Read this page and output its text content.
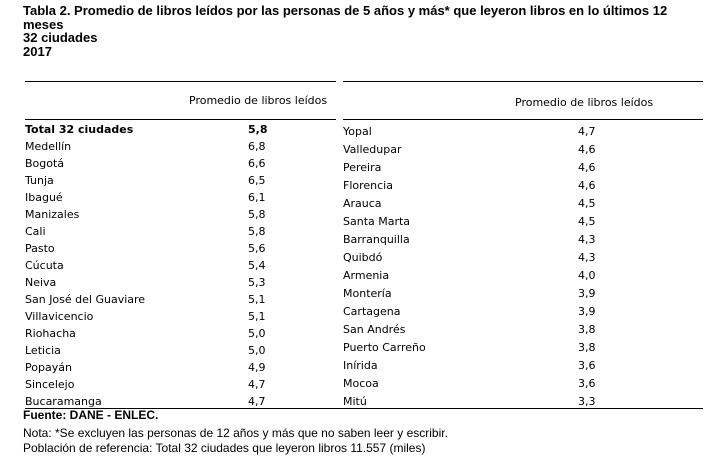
Tabla 2. Promedio de libros leídos por las personas de 5 años y más* que leyeron libros en lo últimos 12
meses
32 ciudades
2017
Promedio de libros leídos	Promedio de libros leídos
Total 32 ciudades	5,8
Medellín	6,8
Bogotá	6,6
Tunja	6,5
Ibagué	6,1
Manizales	5,8
Cali	5,8
Pasto	5,6
Cúcuta	5,4
Neiva	5,3
San José del Guaviare	5,1
Villavicencio	5,1
Riohacha	5,0
Leticia	5,0
Popayán	4,9
Sincelejo	4,7
Bucaramanga	4,7
Yopal	4,7
Valledupar	4,6
Pereira	4,6
Florencia	4,6
Arauca	4,5
Santa Marta	4,5
Barranquilla	4,3
Quibdó	4,3
Armenia	4,0
Montería	3,9
Cartagena	3,9
San Andrés	3,8
Puerto Carreño	3,8
Inírida	3,6
Mocoa	3,6
Mitú	3,3
Fuente: DANE - ENLEC.
Nota: *Se excluyen las personas de 12 años y más que no saben leer y escribir.
Población de referencia: Total 32 ciudades que leyeron libros 11.557 (miles)
